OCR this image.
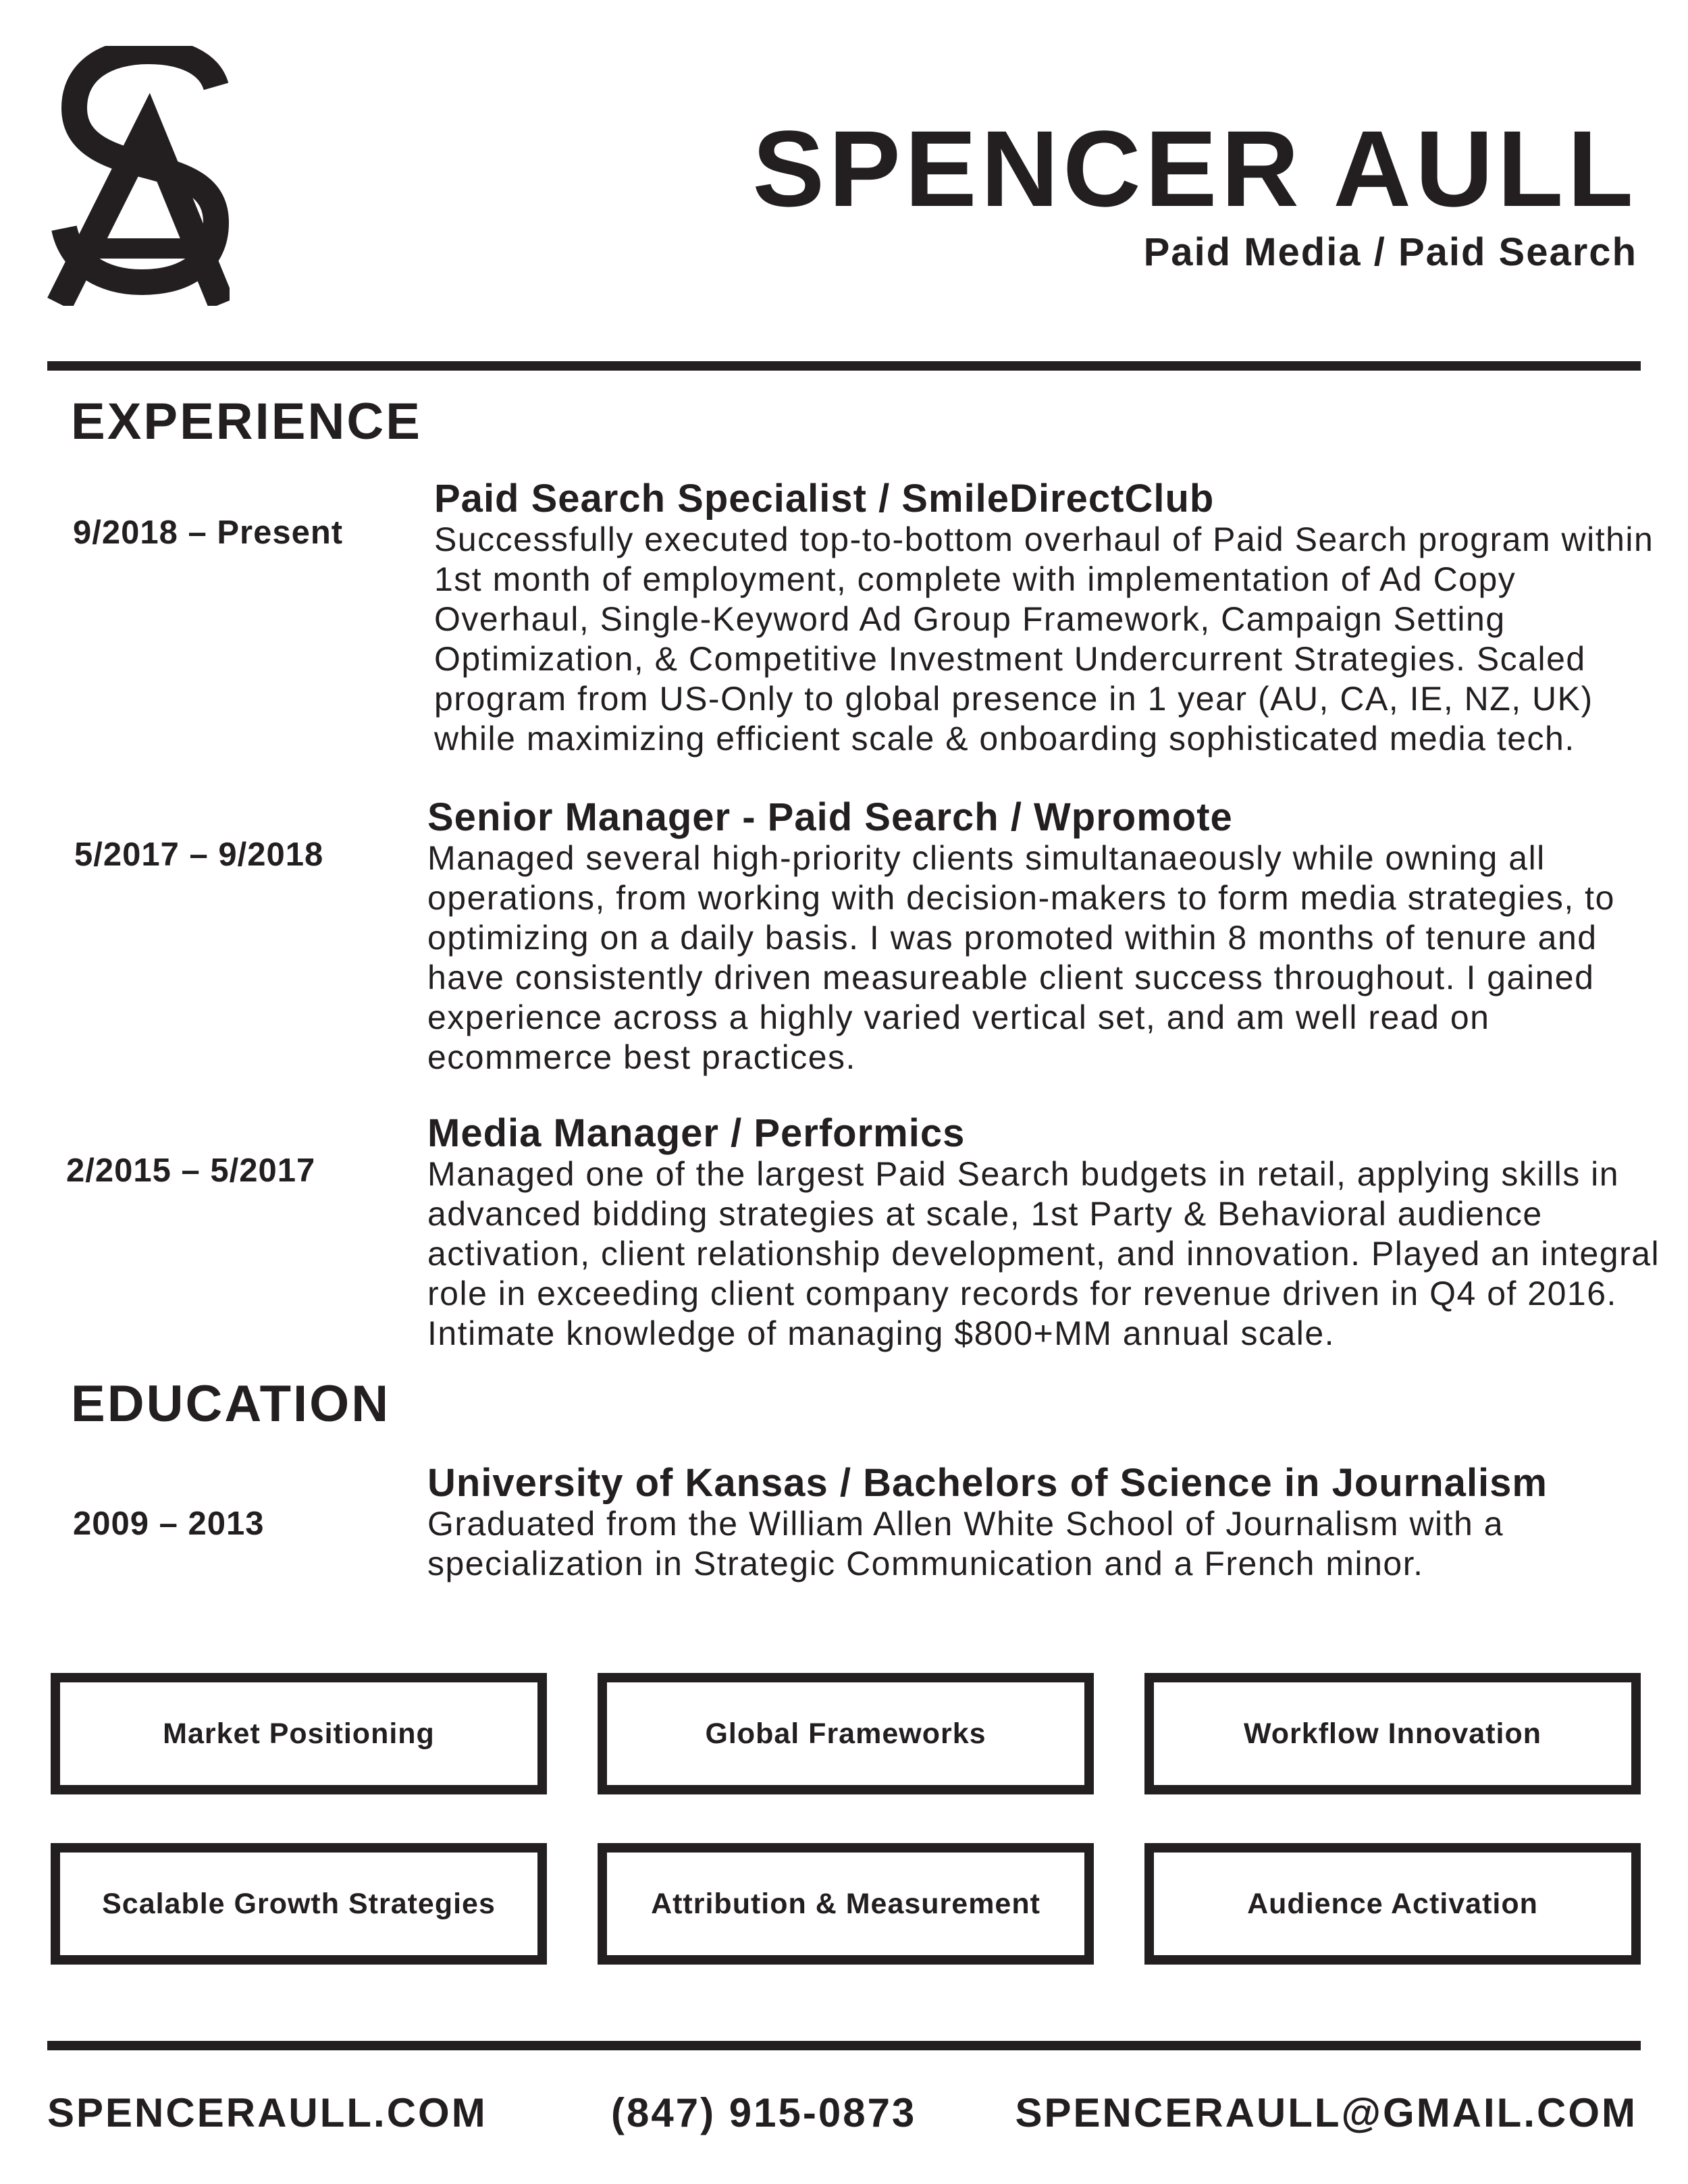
SPENCER AULL
Paid Media / Paid Search
EXPERIENCE
9/2018 – Present
Paid Search Specialist / SmileDirectClub
Successfully executed top-to-bottom overhaul of Paid Search program within 1st month of employment, complete with implementation of Ad Copy Overhaul, Single-Keyword Ad Group Framework, Campaign Setting Optimization, & Competitive Investment Undercurrent Strategies. Scaled program from US-Only to global presence in 1 year (AU, CA, IE, NZ, UK) while maximizing efficient scale & onboarding sophisticated media tech.
5/2017 – 9/2018
Senior Manager - Paid Search / Wpromote
Managed several high-priority clients simultanaeously while owning all operations, from working with decision-makers to form media strategies, to optimizing on a daily basis. I was promoted within 8 months of tenure and have consistently driven measureable client success throughout. I gained experience across a highly varied vertical set, and am well read on ecommerce best practices.
2/2015 – 5/2017
Media Manager / Performics
Managed one of the largest Paid Search budgets in retail, applying skills in advanced bidding strategies at scale, 1st Party & Behavioral audience activation, client relationship development, and innovation. Played an integral role in exceeding client company records for revenue driven in Q4 of 2016. Intimate knowledge of managing $800+MM annual scale.
EDUCATION
2009 – 2013
University of Kansas / Bachelors of Science in Journalism
Graduated from the William Allen White School of Journalism with a specialization in Strategic Communication and a French minor.
Market Positioning	Global Frameworks	Workflow Innovation
Scalable Growth Strategies	Attribution & Measurement	Audience Activation
SPENCERAULL.COM	(847) 915-0873 SPENCERAULL@GMAIL.COM
